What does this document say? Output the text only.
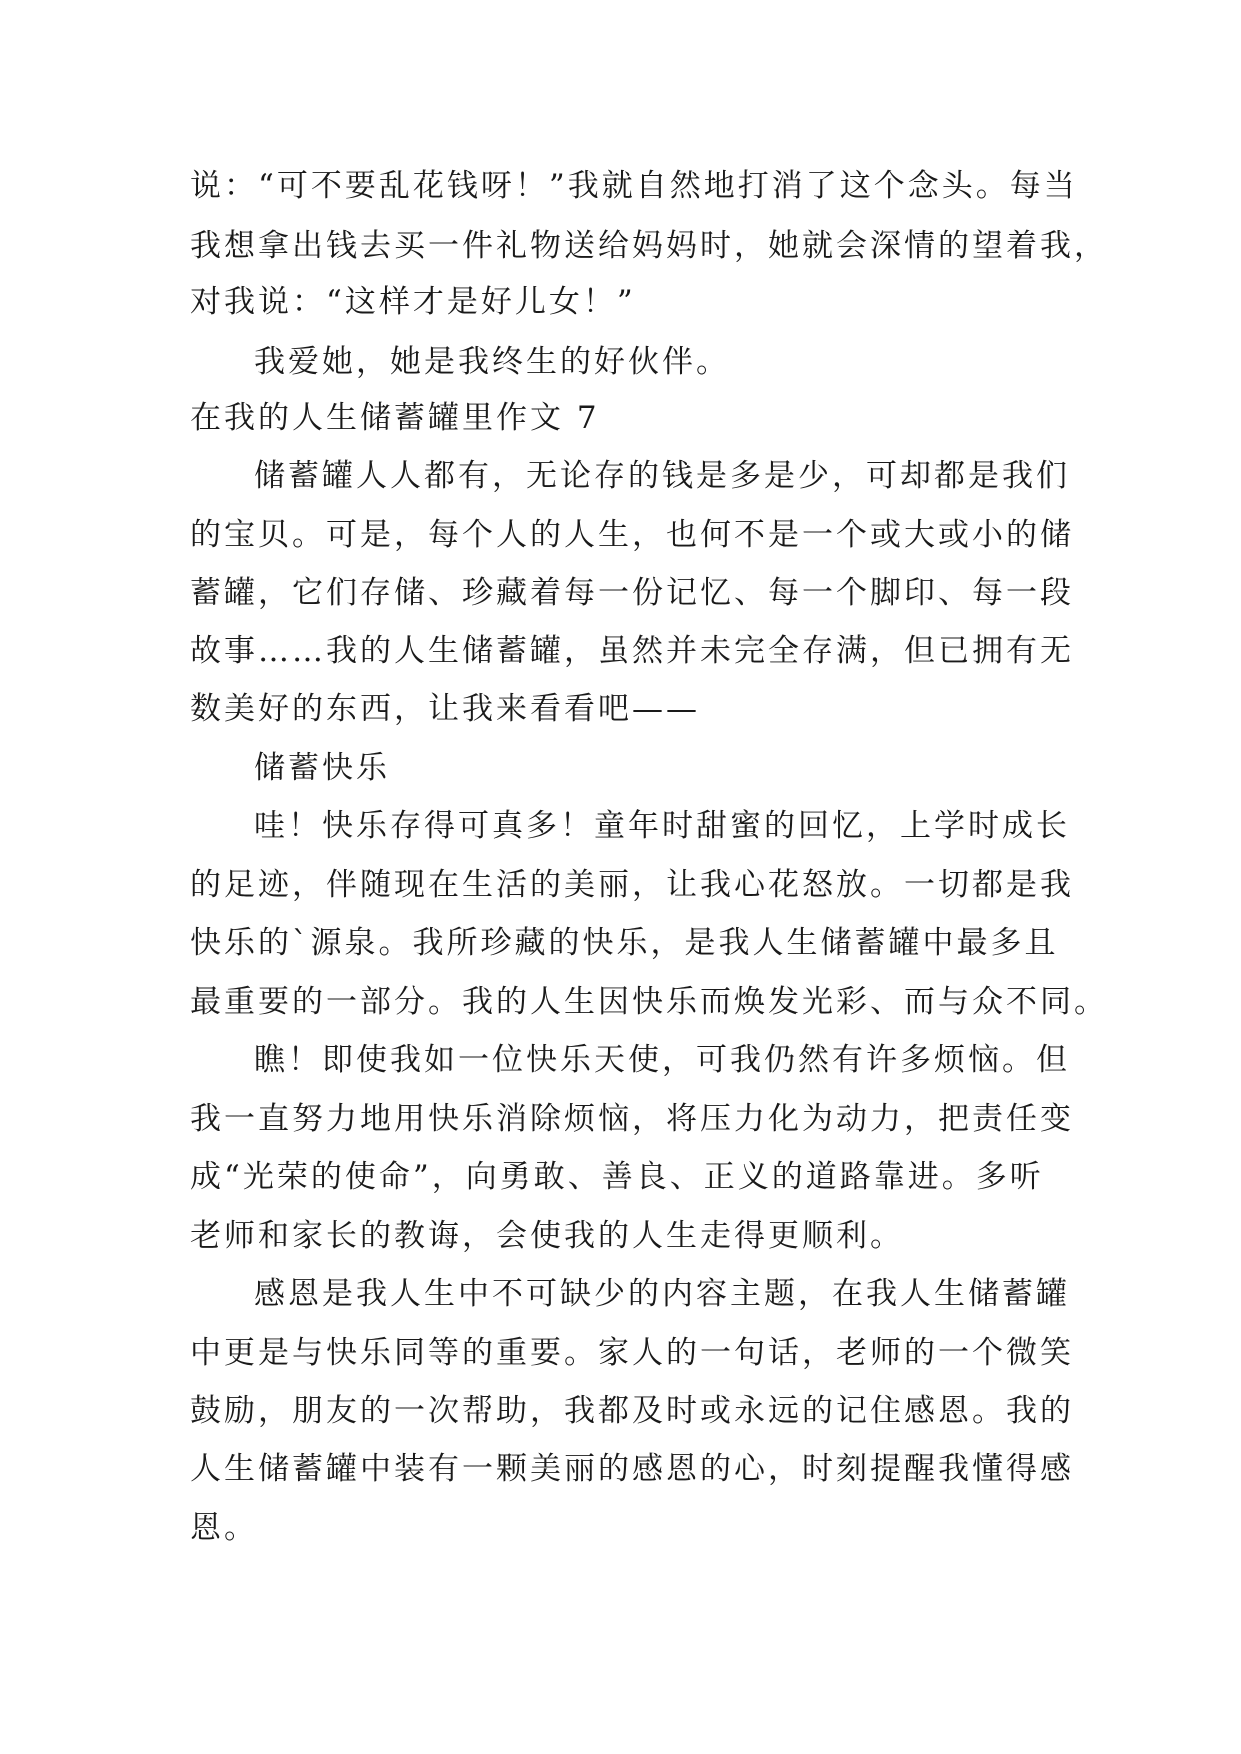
说：“可不要乱花钱呀！”我就自然地打消了这个念头。每当
我想拿出钱去买一件礼物送给妈妈时，她就会深情的望着我，
对我说：“这样才是好儿女！”
我爱她，她是我终生的好伙伴。
在我的人生储蓄罐里作文 7
储蓄罐人人都有，无论存的钱是多是少，可却都是我们
的宝贝。可是，每个人的人生，也何不是一个或大或小的储
蓄罐，它们存储、珍藏着每一份记忆、每一个脚印、每一段
故事……我的人生储蓄罐，虽然并未完全存满，但已拥有无
数美好的东西，让我来看看吧——
储蓄快乐
哇！快乐存得可真多！童年时甜蜜的回忆，上学时成长
的足迹，伴随现在生活的美丽，让我心花怒放。一切都是我
快乐的`源泉。我所珍藏的快乐，是我人生储蓄罐中最多且
最重要的一部分。我的人生因快乐而焕发光彩、而与众不同。
瞧！即使我如一位快乐天使，可我仍然有许多烦恼。但
我一直努力地用快乐消除烦恼，将压力化为动力，把责任变
成“光荣的使命”，向勇敢、善良、正义的道路靠进。多听
老师和家长的教诲，会使我的人生走得更顺利。
感恩是我人生中不可缺少的内容主题，在我人生储蓄罐
中更是与快乐同等的重要。家人的一句话，老师的一个微笑
鼓励，朋友的一次帮助，我都及时或永远的记住感恩。我的
人生储蓄罐中装有一颗美丽的感恩的心，时刻提醒我懂得感
恩。
